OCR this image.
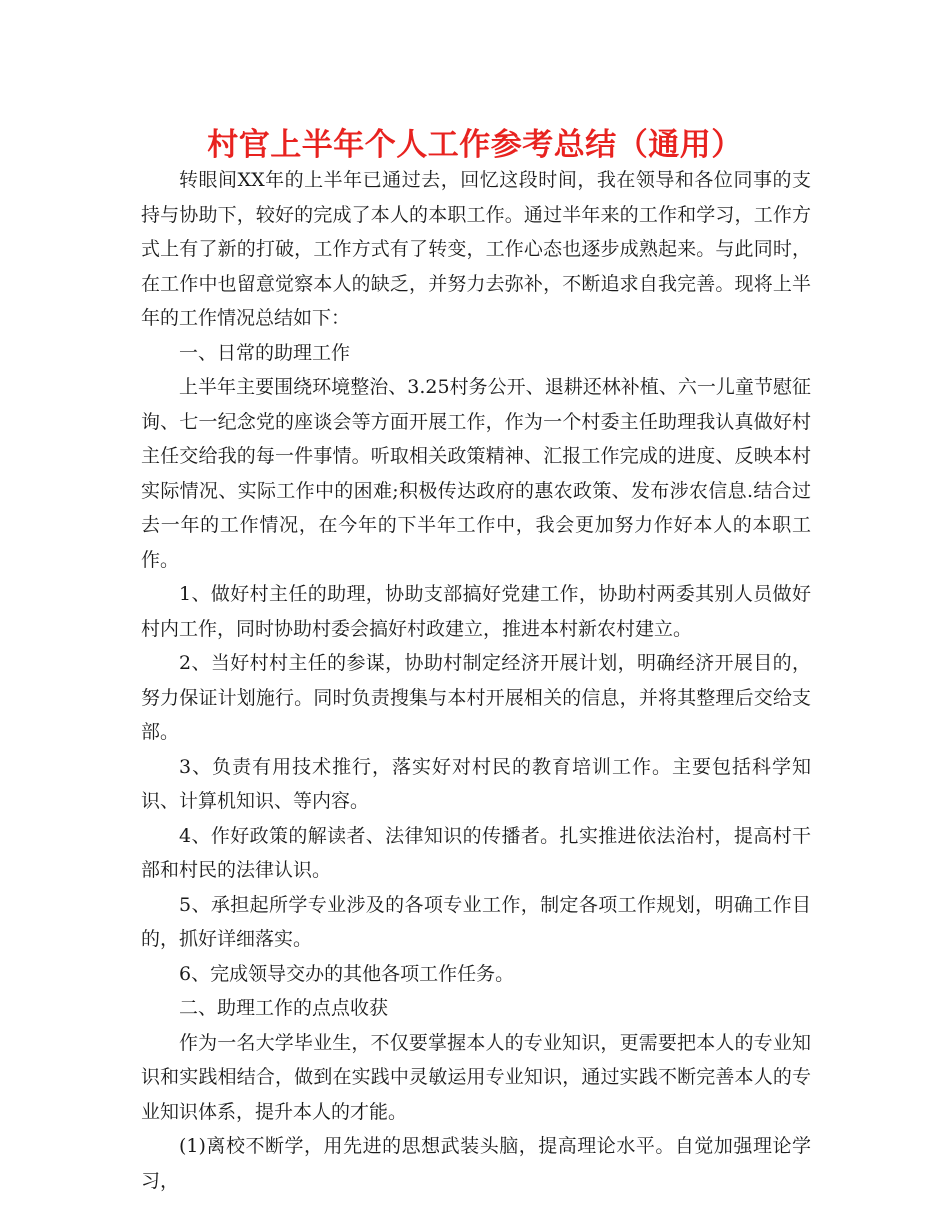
村官上半年个人工作参考总结（通用）

转眼间XX年的上半年已通过去，回忆这段时间，我在领导和各位同事的支持与协助下，较好的完成了本人的本职工作。通过半年来的工作和学习，工作方式上有了新的打破，工作方式有了转变，工作心态也逐步成熟起来。与此同时，在工作中也留意觉察本人的缺乏，并努力去弥补，不断追求自我完善。现将上半年的工作情况总结如下：

一、日常的助理工作

上半年主要围绕环境整治、3.25村务公开、退耕还林补植、六一儿童节慰征询、七一纪念党的座谈会等方面开展工作，作为一个村委主任助理我认真做好村主任交给我的每一件事情。听取相关政策精神、汇报工作完成的进度、反映本村实际情况、实际工作中的困难;积极传达政府的惠农政策、发布涉农信息.结合过去一年的工作情况，在今年的下半年工作中，我会更加努力作好本人的本职工作。

1、做好村主任的助理，协助支部搞好党建工作，协助村两委其别人员做好村内工作，同时协助村委会搞好村政建立，推进本村新农村建立。

2、当好村村主任的参谋，协助村制定经济开展计划，明确经济开展目的，努力保证计划施行。同时负责搜集与本村开展相关的信息，并将其整理后交给支部。

3、负责有用技术推行，落实好对村民的教育培训工作。主要包括科学知识、计算机知识、等内容。

4、作好政策的解读者、法律知识的传播者。扎实推进依法治村，提高村干部和村民的法律认识。

5、承担起所学专业涉及的各项专业工作，制定各项工作规划，明确工作目的，抓好详细落实。

6、完成领导交办的其他各项工作任务。

二、助理工作的点点收获

作为一名大学毕业生，不仅要掌握本人的专业知识，更需要把本人的专业知识和实践相结合，做到在实践中灵敏运用专业知识，通过实践不断完善本人的专业知识体系，提升本人的才能。

(1)离校不断学，用先进的思想武装头脑，提高理论水平。自觉加强理论学习，
